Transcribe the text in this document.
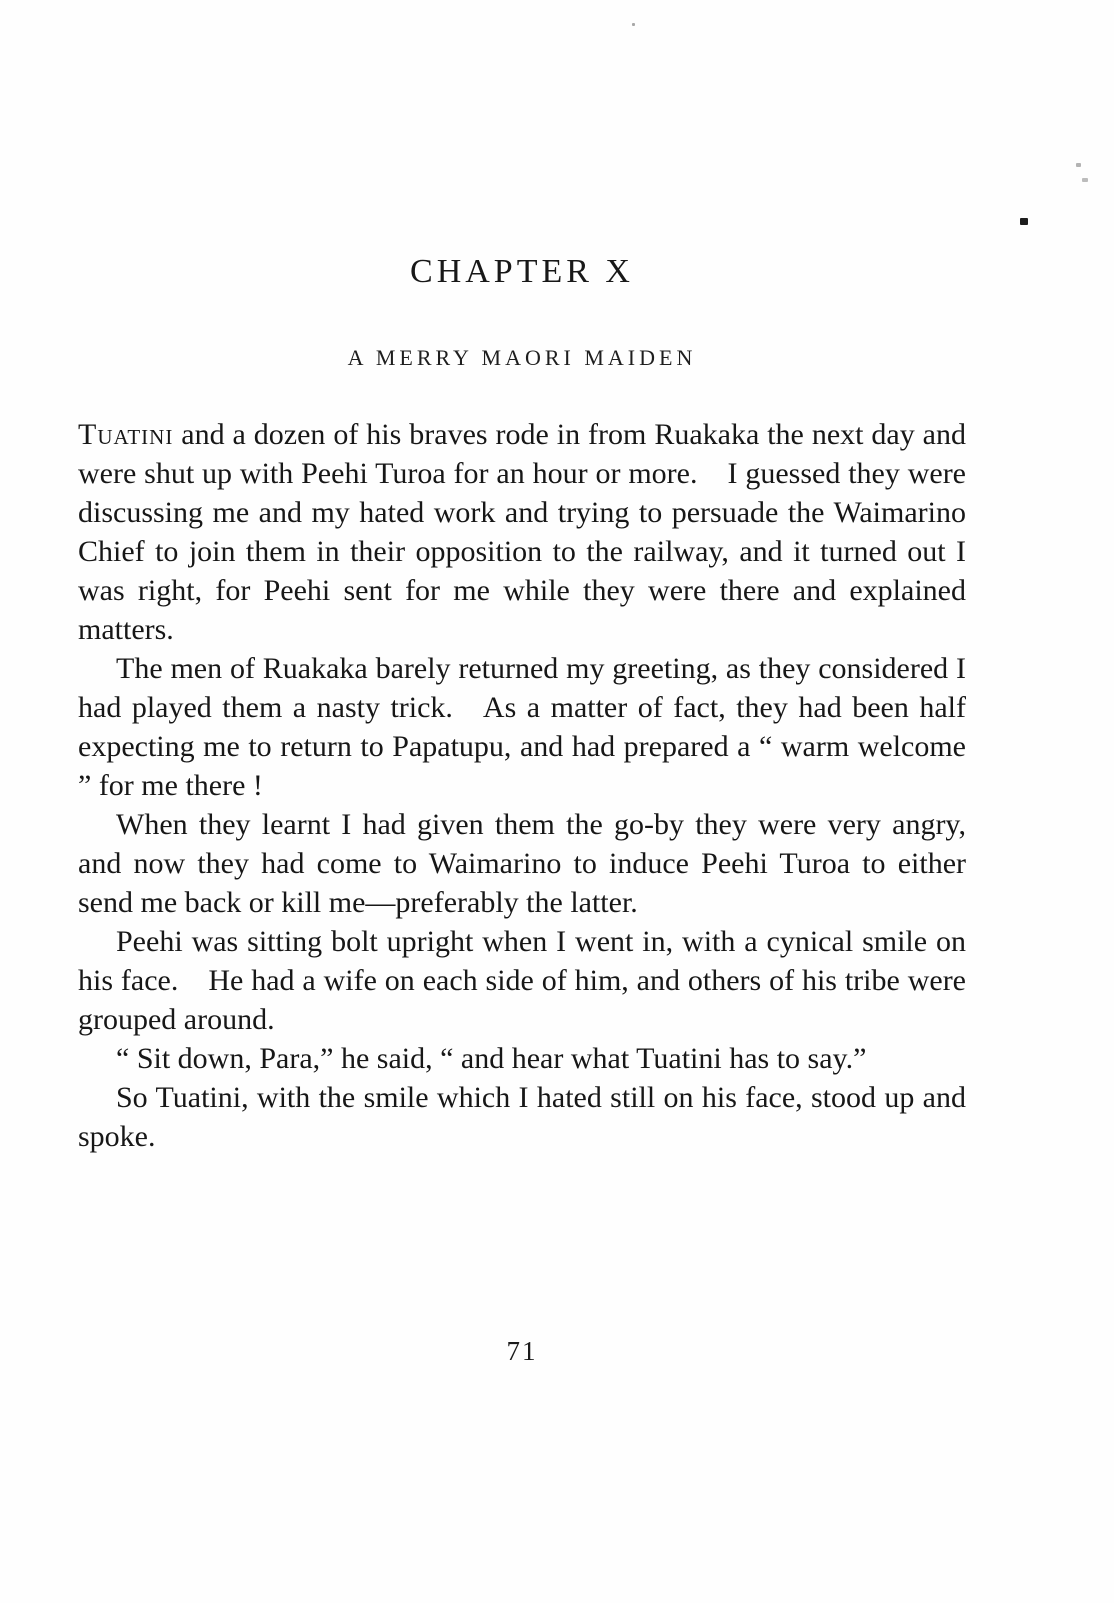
CHAPTER X
A MERRY MAORI MAIDEN

Tuatini and a dozen of his braves rode in from Ruakaka the next day and were shut up with Peehi Turoa for an hour or more. I guessed they were discussing me and my hated work and trying to persuade the Waimarino Chief to join them in their opposition to the railway, and it turned out I was right, for Peehi sent for me while they were there and explained matters.

The men of Ruakaka barely returned my greeting, as they considered I had played them a nasty trick. As a matter of fact, they had been half expecting me to return to Papatupu, and had prepared a “ warm welcome ” for me there !

When they learnt I had given them the go-by they were very angry, and now they had come to Waimarino to induce Peehi Turoa to either send me back or kill me—preferably the latter.

Peehi was sitting bolt upright when I went in, with a cynical smile on his face. He had a wife on each side of him, and others of his tribe were grouped around.

“ Sit down, Para,” he said, “ and hear what Tuatini has to say.”

So Tuatini, with the smile which I hated still on his face, stood up and spoke.

71
